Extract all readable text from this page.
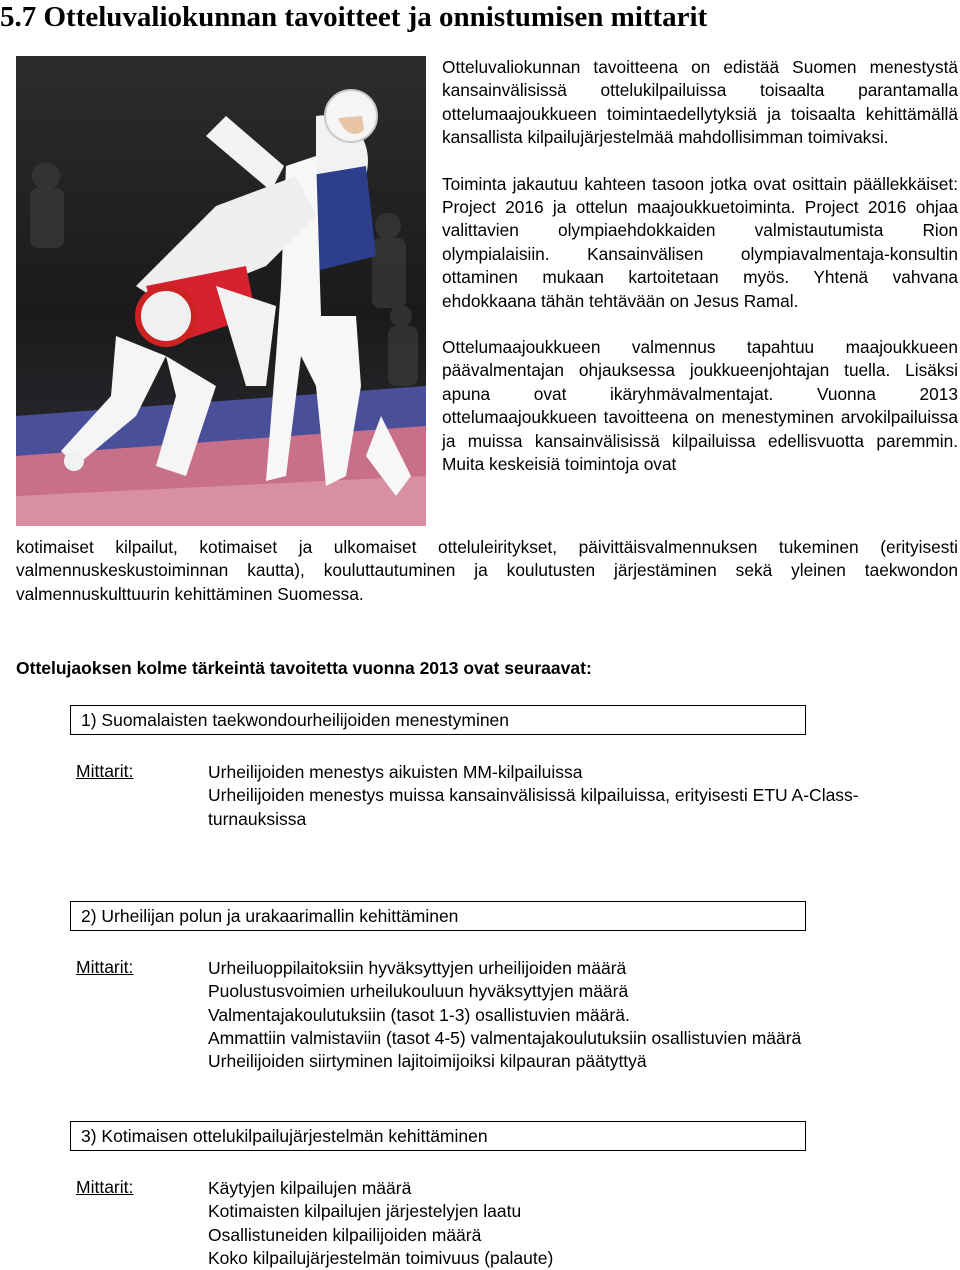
5.7 Otteluvaliokunnan tavoitteet ja onnistumisen mittarit

Otteluvaliokunnan tavoitteena on edistää Suomen menestystä kansainvälisissä ottelukilpailuissa toisaalta parantamalla ottelumaajoukkueen toimintaedellytyksiä ja toisaalta kehittämällä kansallista kilpailujärjestelmää mahdollisimman toimivaksi.

Toiminta jakautuu kahteen tasoon jotka ovat osittain päällekkäiset: Project 2016 ja ottelun maajoukkuetoiminta. Project 2016 ohjaa valittavien olympiaehdokkaiden valmistautumista Rion olympialaisiin. Kansainvälisen olympiavalmentaja-konsultin ottaminen mukaan kartoitetaan myös. Yhtenä vahvana ehdokkaana tähän tehtävään on Jesus Ramal.

Ottelumaajoukkueen valmennus tapahtuu maajoukkueen päävalmentajan ohjauksessa joukkueenjohtajan tuella. Lisäksi apuna ovat ikäryhmävalmentajat. Vuonna 2013 ottelumaajoukkueen tavoitteena on menestyminen arvokilpailuissa ja muissa kansainvälisissä kilpailuissa edellisvuotta paremmin. Muita keskeisiä toimintoja ovat

kotimaiset kilpailut, kotimaiset ja ulkomaiset otteluleiritykset, päivittäisvalmennuksen tukeminen (erityisesti valmennuskeskustoiminnan kautta), kouluttautuminen ja koulutusten järjestäminen sekä yleinen taekwondon valmennuskulttuurin kehittäminen Suomessa.

Ottelujaoksen kolme tärkeintä tavoitetta vuonna 2013 ovat seuraavat:
1) Suomalaisten taekwondourheilijoiden menestyminen
Mittarit:	Urheilijoiden menestys aikuisten MM-kilpailuissa
Urheilijoiden menestys muissa kansainvälisissä kilpailuissa, erityisesti ETU A-Class-turnauksissa
2) Urheilijan polun ja urakaarimallin kehittäminen
Mittarit:	Urheiluoppilaitoksiin hyväksyttyjen urheilijoiden määrä
Puolustusvoimien urheilukouluun hyväksyttyjen määrä
Valmentajakoulutuksiin (tasot 1-3) osallistuvien määrä.
Ammattiin valmistaviin (tasot 4-5) valmentajakoulutuksiin osallistuvien määrä
Urheilijoiden siirtyminen lajitoimijoiksi kilpauran päätyttyä
3) Kotimaisen ottelukilpailujärjestelmän kehittäminen
Mittarit:	Käytyjen kilpailujen määrä
Kotimaisten kilpailujen järjestelyjen laatu
Osallistuneiden kilpailijoiden määrä
Koko kilpailujärjestelmän toimivuus (palaute)
